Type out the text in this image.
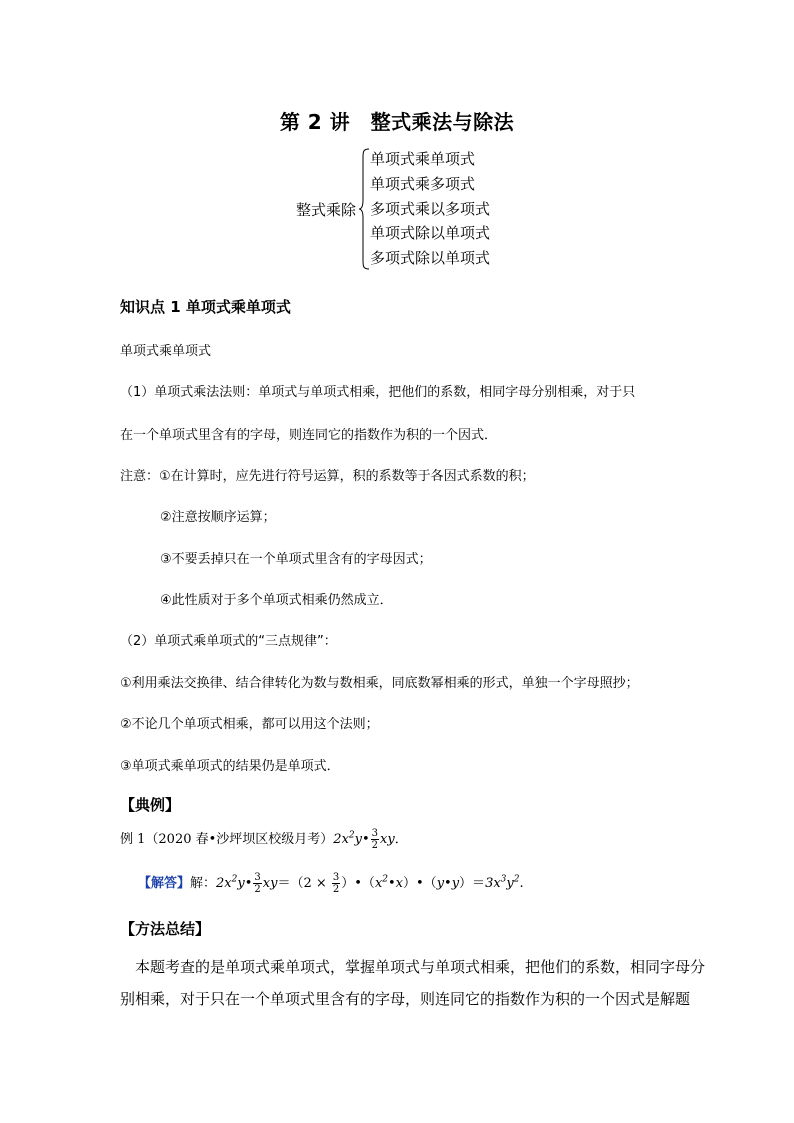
第 2 讲　整式乘法与除法
整式乘除
单项式乘单项式
单项式乘多项式
多项式乘以多项式
单项式除以单项式
多项式除以单项式
知识点 1 单项式乘单项式
单项式乘单项式
（1）单项式乘法法则：单项式与单项式相乘，把他们的系数，相同字母分别相乘，对于只
在一个单项式里含有的字母，则连同它的指数作为积的一个因式．
注意：①在计算时，应先进行符号运算，积的系数等于各因式系数的积；
②注意按顺序运算；
③不要丢掉只在一个单项式里含有的字母因式；
④此性质对于多个单项式相乘仍然成立．
（2）单项式乘单项式的“三点规律”：
①利用乘法交换律、结合律转化为数与数相乘，同底数幂相乘的形式，单独一个字母照抄；
②不论几个单项式相乘，都可以用这个法则；
③单项式乘单项式的结果仍是单项式．
【典例】
例 1（2020 春•沙坪坝区校级月考）$2x^2y• \frac{3}{2}$ xy．
【解答】解：$2x^2y• \frac{3}{2} xy=(2 \times \frac{3}{2}$ ）$•(x^2•x)•(y•y)=3x^3y^2$.
【方法总结】
本题考查的是单项式乘单项式，掌握单项式与单项式相乘，把他们的系数，相同字母分
别相乘，对于只在一个单项式里含有的字母，则连同它的指数作为积的一个因式是解题
